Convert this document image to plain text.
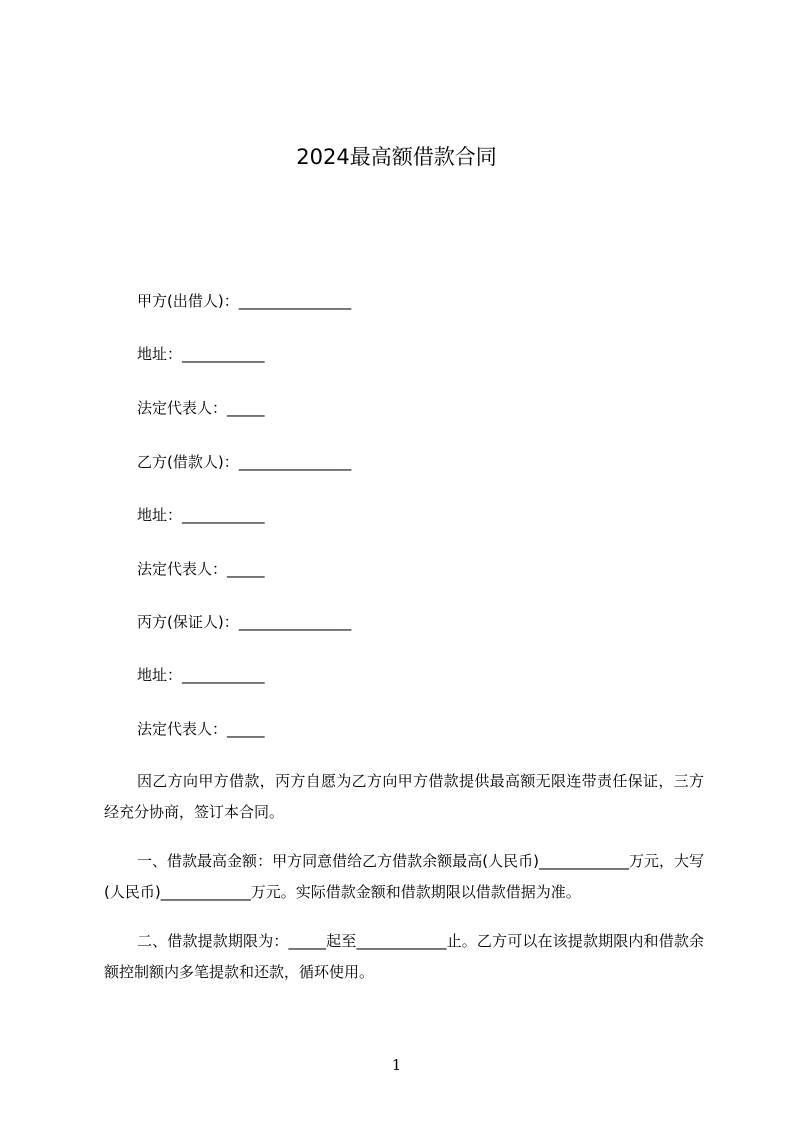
2024最高额借款合同
甲方(出借人)：_______________
地址：___________
法定代表人：_____
乙方(借款人)：_______________
地址：___________
法定代表人：_____
丙方(保证人)：_______________
地址：___________
法定代表人：_____
因乙方向甲方借款，丙方自愿为乙方向甲方借款提供最高额无限连带责任保证，三方经充分协商，签订本合同。
一、借款最高金额：甲方同意借给乙方借款余额最高(人民币)____________万元，大写(人民币)____________万元。实际借款金额和借款期限以借款借据为准。
二、借款提款期限为：_____起至____________止。乙方可以在该提款期限内和借款余额控制额内多笔提款和还款，循环使用。
1
